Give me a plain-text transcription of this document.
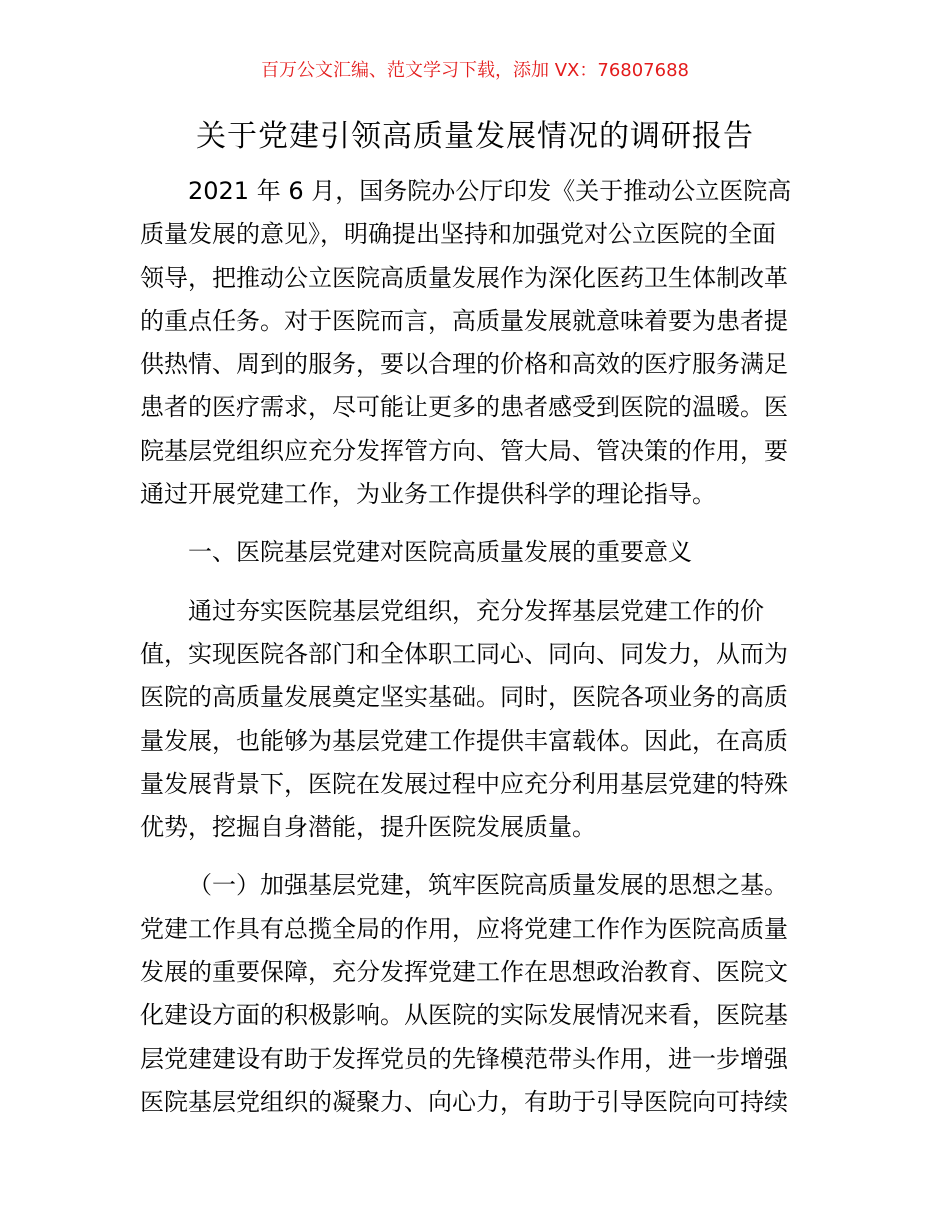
百万公文汇编、范文学习下载，添加 VX：76807688
关于党建引领高质量发展情况的调研报告
2021 年 6 月，国务院办公厅印发《关于推动公立医院高
质量发展的意见》，明确提出坚持和加强党对公立医院的全面
领导，把推动公立医院高质量发展作为深化医药卫生体制改革
的重点任务。对于医院而言，高质量发展就意味着要为患者提
供热情、周到的服务，要以合理的价格和高效的医疗服务满足
患者的医疗需求，尽可能让更多的患者感受到医院的温暖。医
院基层党组织应充分发挥管方向、管大局、管决策的作用，要
通过开展党建工作，为业务工作提供科学的理论指导。
一、医院基层党建对医院高质量发展的重要意义
通过夯实医院基层党组织，充分发挥基层党建工作的价
值，实现医院各部门和全体职工同心、同向、同发力，从而为
医院的高质量发展奠定坚实基础。同时，医院各项业务的高质
量发展，也能够为基层党建工作提供丰富载体。因此，在高质
量发展背景下，医院在发展过程中应充分利用基层党建的特殊
优势，挖掘自身潜能，提升医院发展质量。
（一）加强基层党建，筑牢医院高质量发展的思想之基。
党建工作具有总揽全局的作用，应将党建工作作为医院高质量
发展的重要保障，充分发挥党建工作在思想政治教育、医院文
化建设方面的积极影响。从医院的实际发展情况来看，医院基
层党建建设有助于发挥党员的先锋模范带头作用，进一步增强
医院基层党组织的凝聚力、向心力，有助于引导医院向可持续
